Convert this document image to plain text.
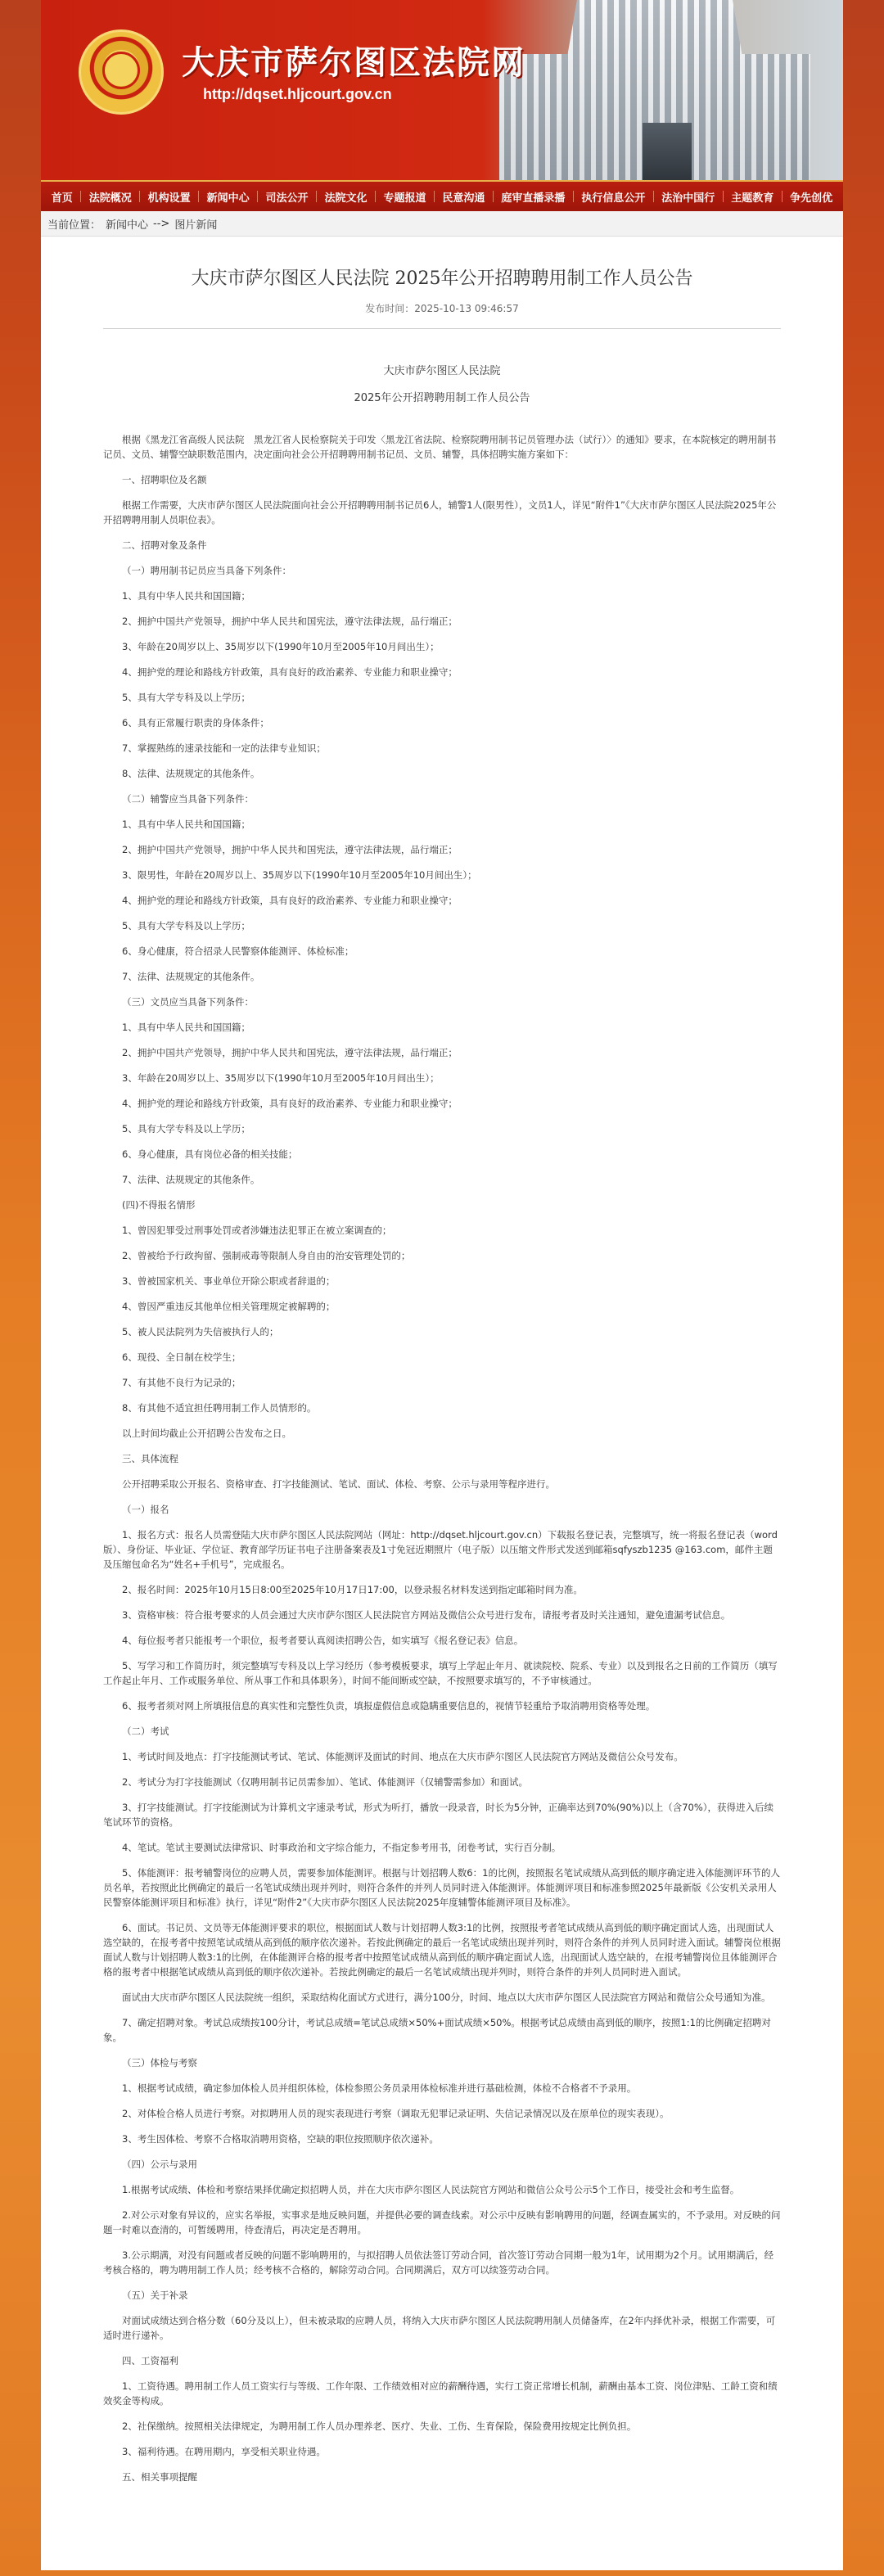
大庆市萨尔图区法院网
http://dqset.hljcourt.gov.cn
首页 法院概况 机构设置 新闻中心 司法公开 法院文化 专题报道 民意沟通 庭审直播录播 执行信息公开 法治中国行 主题教育 争先创优
当前位置： 新闻中心 --> 图片新闻
大庆市萨尔图区人民法院 2025年公开招聘聘用制工作人员公告
发布时间：2025-10-13 09:46:57
大庆市萨尔图区人民法院
2025年公开招聘聘用制工作人员公告

根据《黑龙江省高级人民法院　黑龙江省人民检察院关于印发〈黑龙江省法院、检察院聘用制书记员管理办法（试行）〉的通知》要求，在本院核定的聘用制书记员、文员、辅警空缺职数范围内，决定面向社会公开招聘聘用制书记员、文员、辅警，具体招聘实施方案如下：

一、招聘职位及名额

根据工作需要，大庆市萨尔图区人民法院面向社会公开招聘聘用制书记员6人，辅警1人(限男性），文员1人，详见“附件1”《大庆市萨尔图区人民法院2025年公开招聘聘用制人员职位表》。

二、招聘对象及条件

（一）聘用制书记员应当具备下列条件：

1、具有中华人民共和国国籍；

2、拥护中国共产党领导，拥护中华人民共和国宪法，遵守法律法规，品行端正；

3、年龄在20周岁以上、35周岁以下(1990年10月至2005年10月间出生）；

4、拥护党的理论和路线方针政策，具有良好的政治素养、专业能力和职业操守；

5、具有大学专科及以上学历；

6、具有正常履行职责的身体条件；

7、掌握熟练的速录技能和一定的法律专业知识；

8、法律、法规规定的其他条件。

（二）辅警应当具备下列条件：

1、具有中华人民共和国国籍；

2、拥护中国共产党领导，拥护中华人民共和国宪法，遵守法律法规，品行端正；

3、限男性，年龄在20周岁以上、35周岁以下(1990年10月至2005年10月间出生）；

4、拥护党的理论和路线方针政策，具有良好的政治素养、专业能力和职业操守；

5、具有大学专科及以上学历；

6、身心健康，符合招录人民警察体能测评、体检标准；

7、法律、法规规定的其他条件。

（三）文员应当具备下列条件：

1、具有中华人民共和国国籍；

2、拥护中国共产党领导，拥护中华人民共和国宪法，遵守法律法规，品行端正；

3、年龄在20周岁以上、35周岁以下(1990年10月至2005年10月间出生）；

4、拥护党的理论和路线方针政策，具有良好的政治素养、专业能力和职业操守；

5、具有大学专科及以上学历；

6、身心健康，具有岗位必备的相关技能；

7、法律、法规规定的其他条件。

(四)不得报名情形

1、曾因犯罪受过刑事处罚或者涉嫌违法犯罪正在被立案调查的；

2、曾被给予行政拘留、强制戒毒等限制人身自由的治安管理处罚的；

3、曾被国家机关、事业单位开除公职或者辞退的；

4、曾因严重违反其他单位相关管理规定被解聘的；

5、被人民法院列为失信被执行人的；

6、现役、全日制在校学生；

7、有其他不良行为记录的；

8、有其他不适宜担任聘用制工作人员情形的。

以上时间均截止公开招聘公告发布之日。

三、具体流程

公开招聘采取公开报名、资格审查、打字技能测试、笔试、面试、体检、考察、公示与录用等程序进行。

（一）报名

1、报名方式：报名人员需登陆大庆市萨尔图区人民法院网站（网址：http://dqset.hljcourt.gov.cn）下载报名登记表，完整填写，统一将报名登记表（word版）、身份证、毕业证、学位证、教育部学历证书电子注册备案表及1寸免冠近期照片（电子版）以压缩文件形式发送到邮箱sqfyszb1235 @163.com，邮件主题及压缩包命名为“姓名+手机号”，完成报名。

2、报名时间：2025年10月15日8:00至2025年10月17日17:00，以登录报名材料发送到指定邮箱时间为准。

3、资格审核：符合报考要求的人员会通过大庆市萨尔图区人民法院官方网站及微信公众号进行发布，请报考者及时关注通知，避免遗漏考试信息。

4、每位报考者只能报考一个职位，报考者要认真阅读招聘公告，如实填写《报名登记表》信息。

5、写学习和工作简历时，须完整填写专科及以上学习经历（参考模板要求，填写上学起止年月、就读院校、院系、专业）以及到报名之日前的工作简历（填写工作起止年月、工作或服务单位、所从事工作和具体职务），时间不能间断或空缺，不按照要求填写的，不予审核通过。

6、报考者须对网上所填报信息的真实性和完整性负责，填报虚假信息或隐瞒重要信息的，视情节轻重给予取消聘用资格等处理。

（二）考试

1、考试时间及地点：打字技能测试考试、笔试、体能测评及面试的时间、地点在大庆市萨尔图区人民法院官方网站及微信公众号发布。

2、考试分为打字技能测试（仅聘用制书记员需参加）、笔试、体能测评（仅辅警需参加）和面试。

3、打字技能测试。打字技能测试为计算机文字速录考试，形式为听打，播放一段录音，时长为5分钟，正确率达到70%(90%)以上（含70%），获得进入后续笔试环节的资格。

4、笔试。笔试主要测试法律常识、时事政治和文字综合能力，不指定参考用书，闭卷考试，实行百分制。

5、体能测评：报考辅警岗位的应聘人员，需要参加体能测评。根据与计划招聘人数6：1的比例，按照报名笔试成绩从高到低的顺序确定进入体能测评环节的人员名单，若按照此比例确定的最后一名笔试成绩出现并列时，则符合条件的并列人员同时进入体能测评。体能测评项目和标准参照2025年最新版《公安机关录用人民警察体能测评项目和标准》执行，详见“附件2”《大庆市萨尔图区人民法院2025年度辅警体能测评项目及标准》。

6、面试。书记员、文员等无体能测评要求的职位，根据面试人数与计划招聘人数3:1的比例，按照报考者笔试成绩从高到低的顺序确定面试人选，出现面试人选空缺的，在报考者中按照笔试成绩从高到低的顺序依次递补。若按此例确定的最后一名笔试成绩出现并列时，则符合条件的并列人员同时进入面试。辅警岗位根据面试人数与计划招聘人数3:1的比例，在体能测评合格的报考者中按照笔试成绩从高到低的顺序确定面试人选，出现面试人选空缺的，在报考辅警岗位且体能测评合格的报考者中根据笔试成绩从高到低的顺序依次递补。若按此例确定的最后一名笔试成绩出现并列时，则符合条件的并列人员同时进入面试。

面试由大庆市萨尔图区人民法院统一组织，采取结构化面试方式进行，满分100分，时间、地点以大庆市萨尔图区人民法院官方网站和微信公众号通知为准。

7、确定招聘对象。考试总成绩按100分计，考试总成绩=笔试总成绩×50%+面试成绩×50%。根据考试总成绩由高到低的顺序，按照1:1的比例确定招聘对象。

（三）体检与考察

1、根据考试成绩，确定参加体检人员并组织体检，体检参照公务员录用体检标准并进行基础检测，体检不合格者不予录用。

2、对体检合格人员进行考察。对拟聘用人员的现实表现进行考察（调取无犯罪记录证明、失信记录情况以及在原单位的现实表现）。

3、考生因体检、考察不合格取消聘用资格，空缺的职位按照顺序依次递补。

（四）公示与录用

1.根据考试成绩、体检和考察结果择优确定拟招聘人员，并在大庆市萨尔图区人民法院官方网站和微信公众号公示5个工作日，接受社会和考生监督。

2.对公示对象有异议的，应实名举报，实事求是地反映问题，并提供必要的调查线索。对公示中反映有影响聘用的问题，经调查属实的，不予录用。对反映的问题一时难以查清的，可暂缓聘用，待查清后，再决定是否聘用。

3.公示期满，对没有问题或者反映的问题不影响聘用的，与拟招聘人员依法签订劳动合同，首次签订劳动合同期一般为1年，试用期为2个月。试用期满后，经考核合格的，聘为聘用制工作人员；经考核不合格的，解除劳动合同。合同期满后，双方可以续签劳动合同。

（五）关于补录

对面试成绩达到合格分数（60分及以上），但未被录取的应聘人员，将纳入大庆市萨尔图区人民法院聘用制人员储备库，在2年内择优补录，根据工作需要，可适时进行递补。

四、工资福利

1、工资待遇。聘用制工作人员工资实行与等级、工作年限、工作绩效相对应的薪酬待遇，实行工资正常增长机制，薪酬由基本工资、岗位津贴、工龄工资和绩效奖金等构成。

2、社保缴纳。按照相关法律规定，为聘用制工作人员办理养老、医疗、失业、工伤、生育保险，保险费用按规定比例负担。

3、福利待遇。在聘用期内，享受相关职业待遇。

五、相关事项提醒
